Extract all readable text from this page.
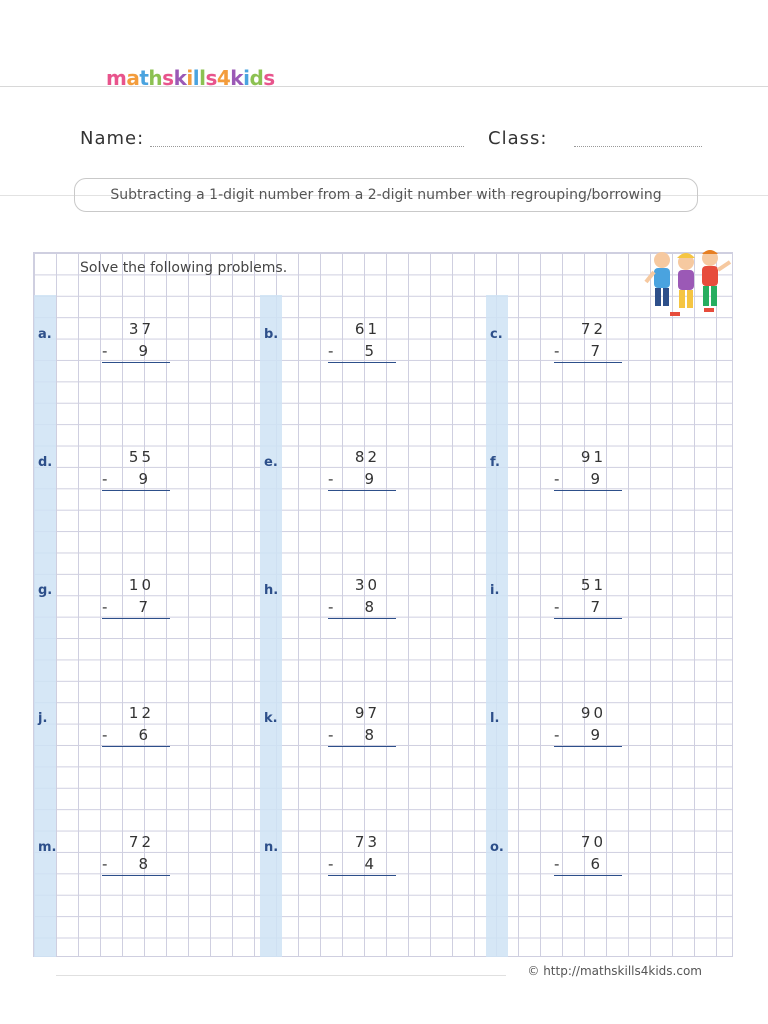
mathskills4kids
Name:	Class:
Subtracting a 1-digit number from a 2-digit number with regrouping/borrowing
Solve the following problems.
a.	37
- 9
b.	61
- 5
c.	72
- 7
d.	55
- 9
e.	82
- 9
f.	91
- 9
g.	10
- 7
h.	30
- 8
i.	51
- 7
j.	12
- 6
k.	97
- 8
l.	90
- 9
m.	72
- 8
n.	73
- 4
o.	70
- 6
© http://mathskills4kids.com
